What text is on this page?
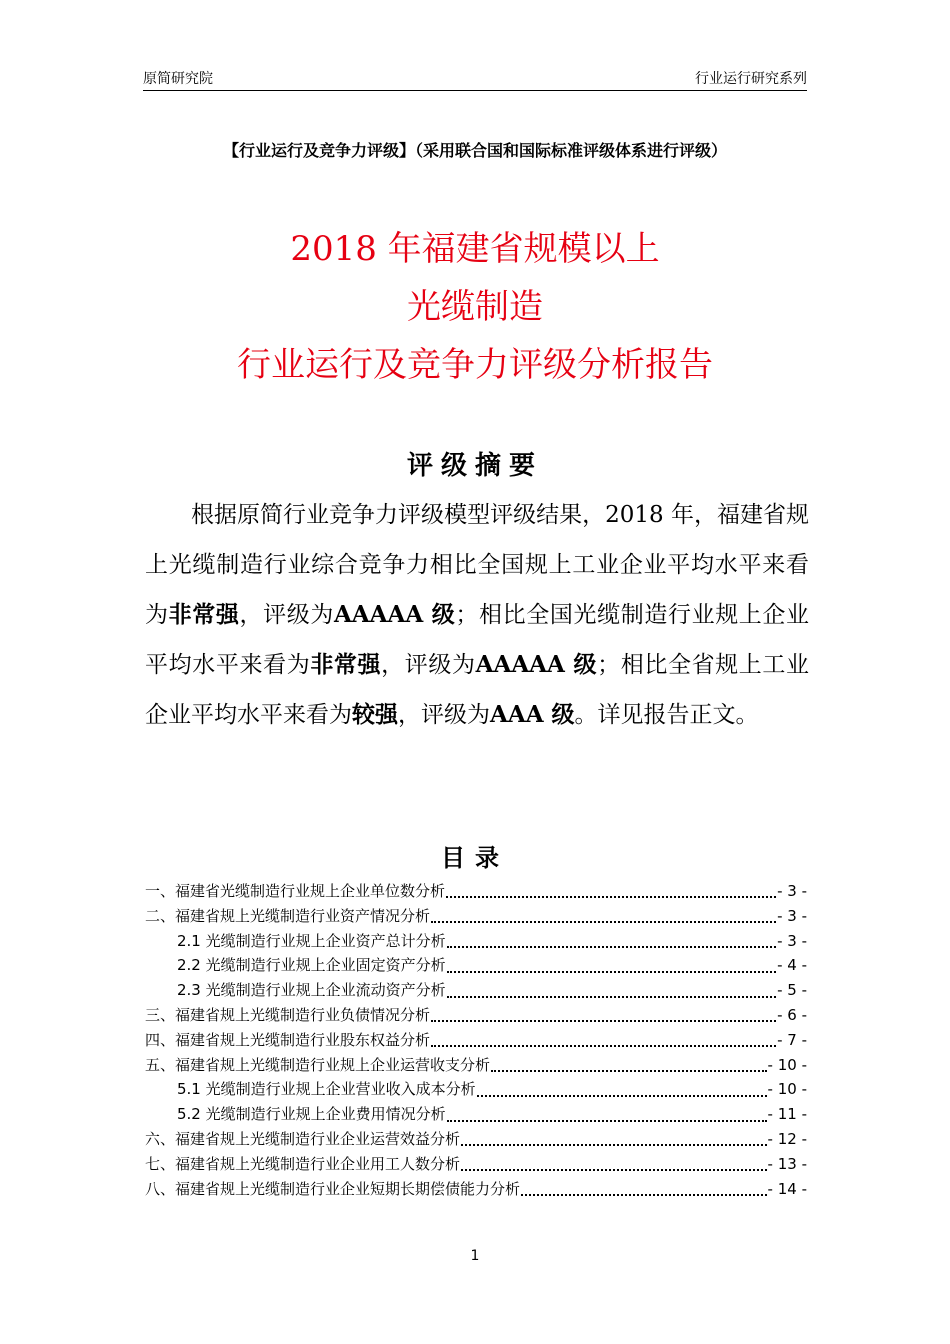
原简研究院	行业运行研究系列
【行业运行及竞争力评级】（采用联合国和国际标准评级体系进行评级）
2018 年福建省规模以上
光缆制造
行业运行及竞争力评级分析报告
评级摘要
根据原简行业竞争力评级模型评级结果，2018 年，福建省规上光缆制造行业综合竞争力相比全国规上工业企业平均水平来看为非常强，评级为AAAAA 级；相比全国光缆制造行业规上企业平均水平来看为非常强，评级为AAAAA 级；相比全省规上工业企业平均水平来看为较强，评级为AAA 级。详见报告正文。
目录
一、福建省光缆制造行业规上企业单位数分析	- 3 -
二、福建省规上光缆制造行业资产情况分析	- 3 -
2.1 光缆制造行业规上企业资产总计分析	- 3 -
2.2 光缆制造行业规上企业固定资产分析	- 4 -
2.3 光缆制造行业规上企业流动资产分析	- 5 -
三、福建省规上光缆制造行业负债情况分析	- 6 -
四、福建省规上光缆制造行业股东权益分析	- 7 -
五、福建省规上光缆制造行业规上企业运营收支分析	- 10 -
5.1 光缆制造行业规上企业营业收入成本分析	- 10 -
5.2 光缆制造行业规上企业费用情况分析	- 11 -
六、福建省规上光缆制造行业企业运营效益分析	- 12 -
七、福建省规上光缆制造行业企业用工人数分析	- 13 -
八、福建省规上光缆制造行业企业短期长期偿债能力分析	- 14 -
1
